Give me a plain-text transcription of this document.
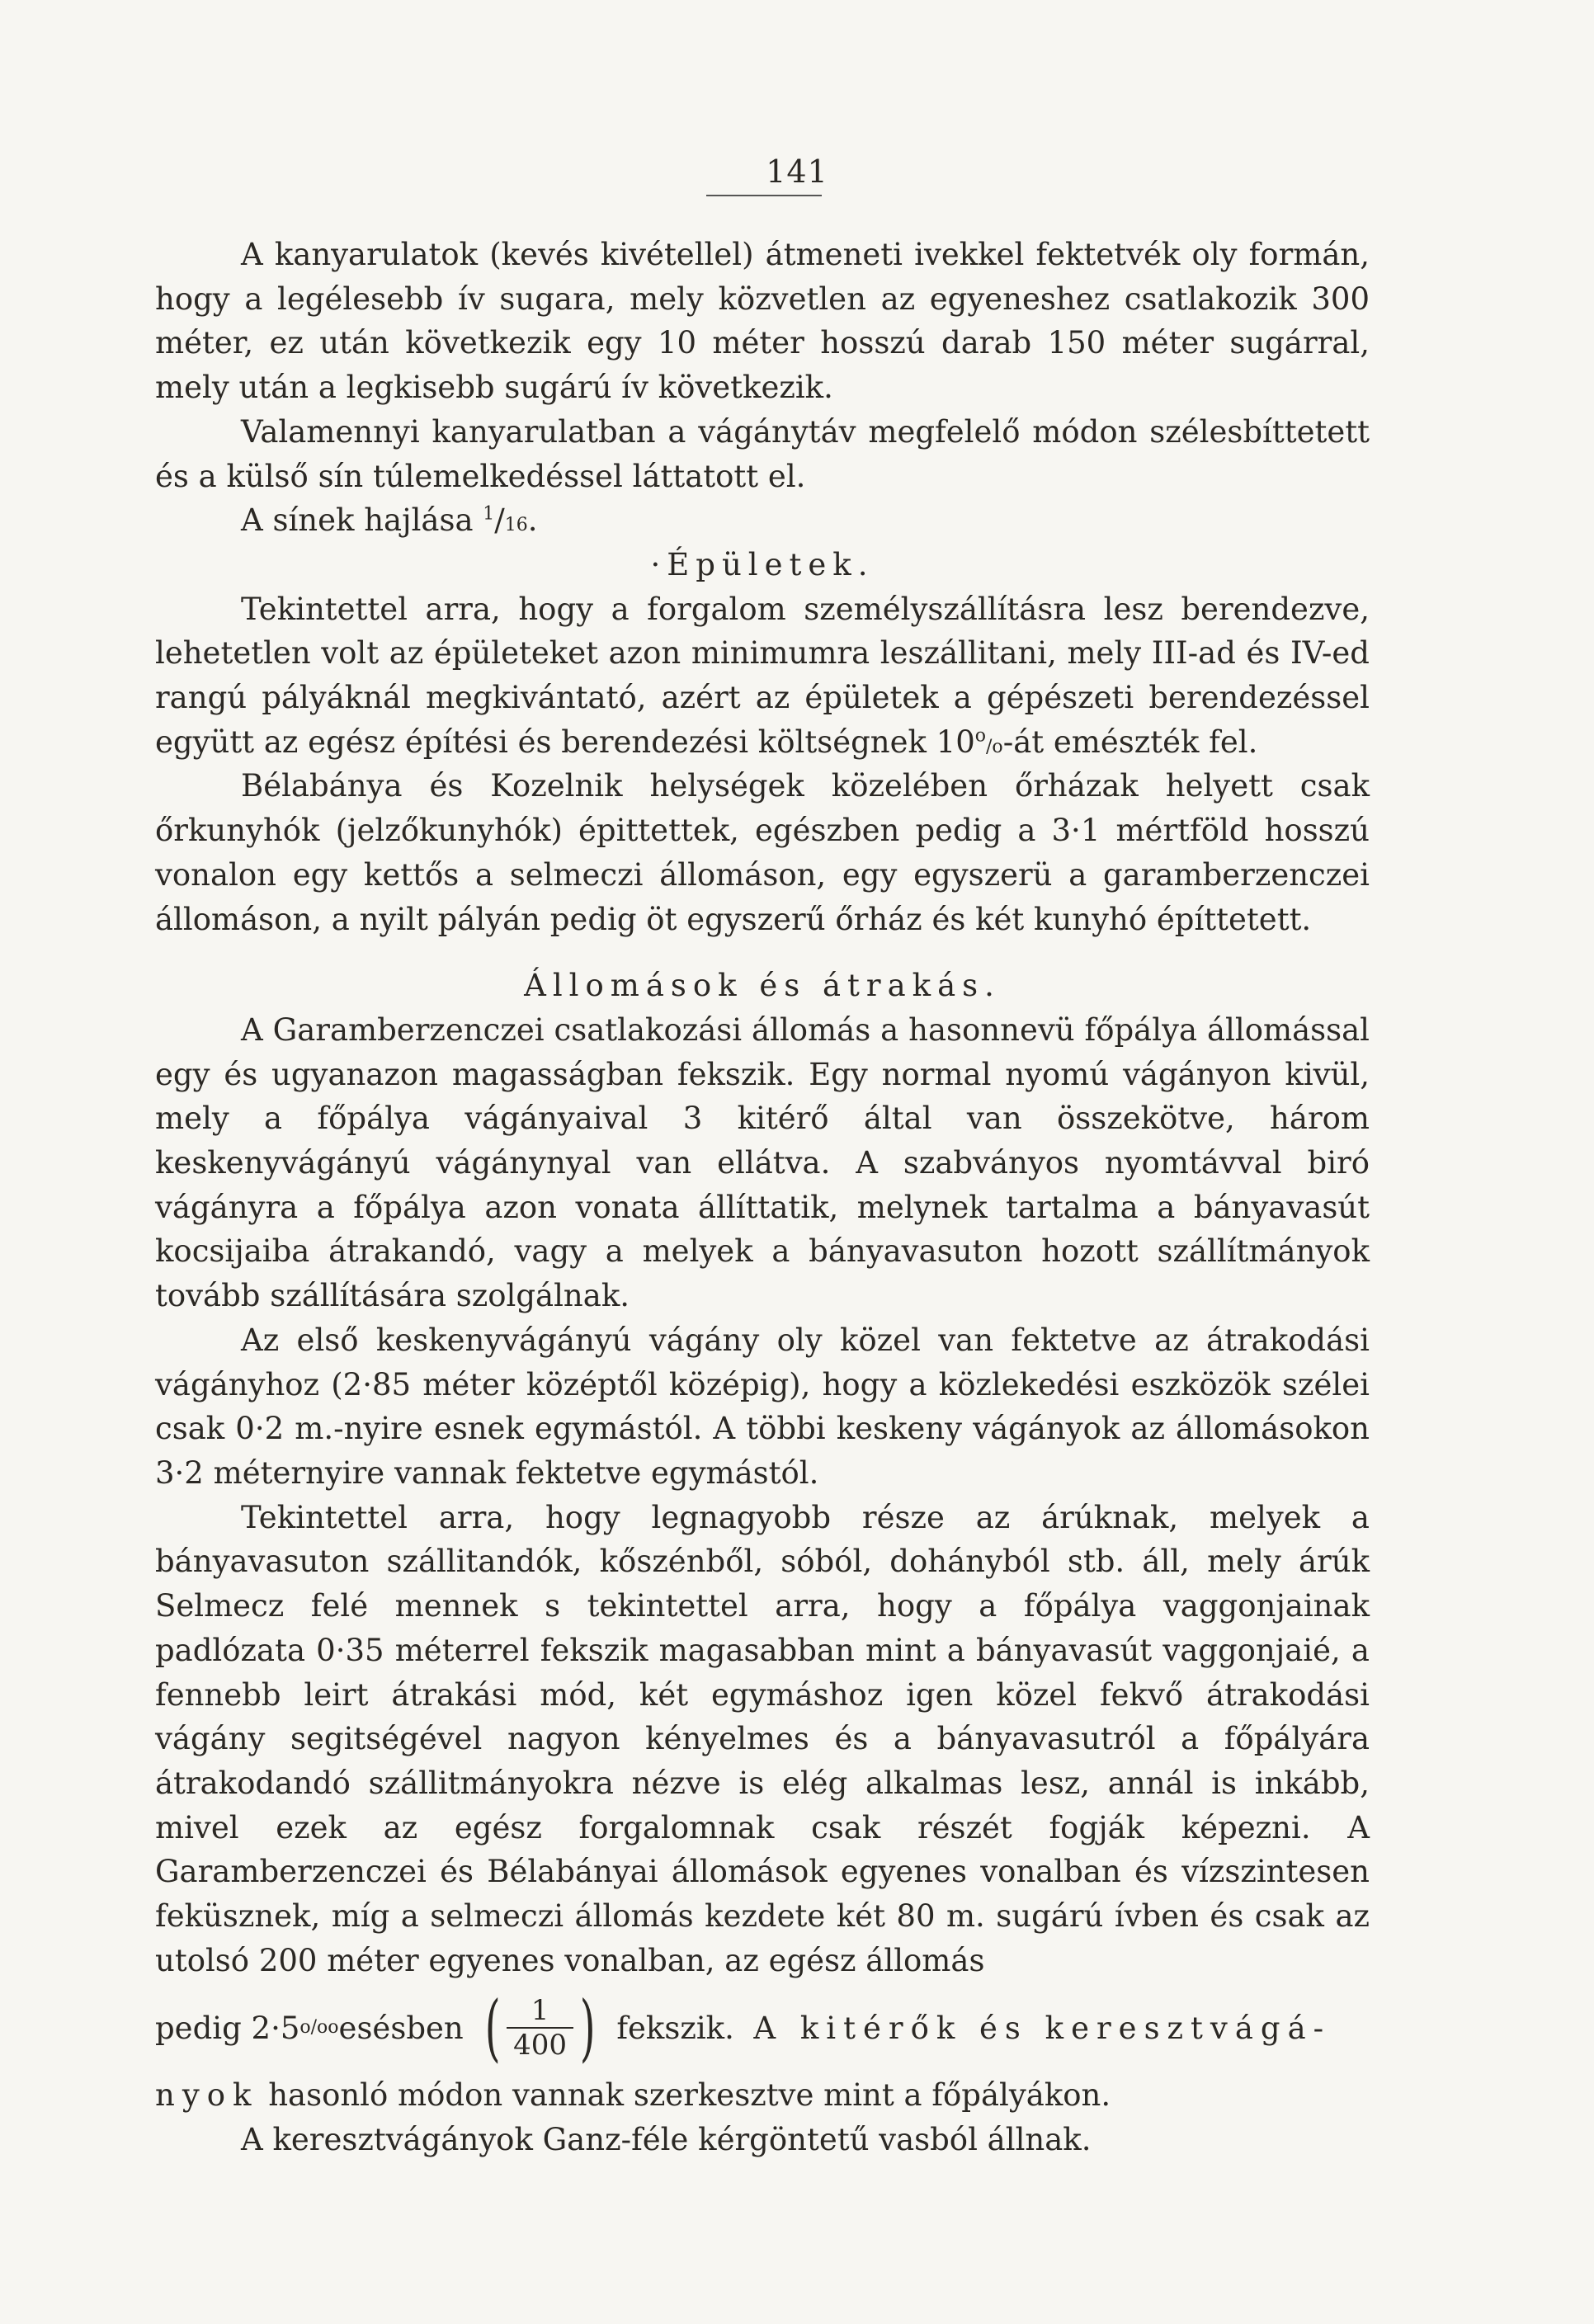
141

A kanyarulatok (kevés kivétellel) átmeneti ivekkel fektetvék oly formán, hogy a legélesebb ív sugara, mely közvetlen az egyeneshez csatlakozik 300 méter, ez után következik egy 10 méter hosszú darab 150 méter sugárral, mely után a legkisebb sugárú ív következik.

Valamennyi kanyarulatban a vágánytáv megfelelő módon szélesbíttetett és a külső sín túlemelkedéssel láttatott el.

A sínek hajlása $^1$/16.

·Épületek.

Tekintettel arra, hogy a forgalom személyszállításra lesz berendezve, lehetetlen volt az épületeket azon minimumra leszállitani, mely III-ad és IV-ed rangú pályáknál megkivántató, azért az épületek a gépészeti berendezéssel együtt az egész építési és berendezési költségnek 10$^o$/o-át emészték fel.

Bélabánya és Kozelnik helységek közelében őrházak helyett csak őrkunyhók (jelzőkunyhók) épittettek, egészben pedig a 3·1 mértföld hosszú vonalon egy kettős a selmeczi állomáson, egy egyszerü a garamberzenczei állomáson, a nyilt pályán pedig öt egyszerű őrház és két kunyhó építtetett.

Állomások és átrakás.

A Garamberzenczei csatlakozási állomás a hasonnevü főpálya állomással egy és ugyanazon magasságban fekszik. Egy normal nyomú vágányon kivül, mely a főpálya vágányaival 3 kitérő által van összekötve, három keskenyvágányú vágánynyal van ellátva. A szabványos nyomtávval biró vágányra a főpálya azon vonata állíttatik, melynek tartalma a bányavasút kocsijaiba átrakandó, vagy a melyek a bányavasuton hozott szállítmányok tovább szállítására szolgálnak.

Az első keskenyvágányú vágány oly közel van fektetve az átrakodási vágányhoz (2·85 méter középtől középig), hogy a közlekedési eszközök szélei csak 0·2 m.-nyire esnek egymástól. A többi keskeny vágányok az állomásokon 3·2 méternyire vannak fektetve egymástól.

Tekintettel arra, hogy legnagyobb része az árúknak, melyek a bányavasuton szállitandók, kőszénből, sóból, dohányból stb. áll, mely árúk Selmecz felé mennek s tekintettel arra, hogy a főpálya vaggonjainak padlózata 0·35 méterrel fekszik magasabban mint a bányavasút vaggonjaié, a fennebb leirt átrakási mód, két egymáshoz igen közel fekvő átrakodási vágány segitségével nagyon kényelmes és a bányavasutról a főpályára átrakodandó szállitmányokra nézve is elég alkalmas lesz, annál is inkább, mivel ezek az egész forgalomnak csak részét fogják képezni. A Garamberzenczei és Bélabányai állomások egyenes vonalban és vízszintesen feküsznek, míg a selmeczi állomás kezdete két 80 m. sugárú ívben és csak az utolsó 200 méter egyenes vonalban, az egész állomás

pedig 2·5 o /oo esésben ( $\frac{1}{400}$ ) fekszik.
A kitérők és keresztvágá-

nyok hasonló módon vannak szerkesztve mint a főpályákon.

A keresztvágányok Ganz-féle kérgöntetű vasból állnak.
